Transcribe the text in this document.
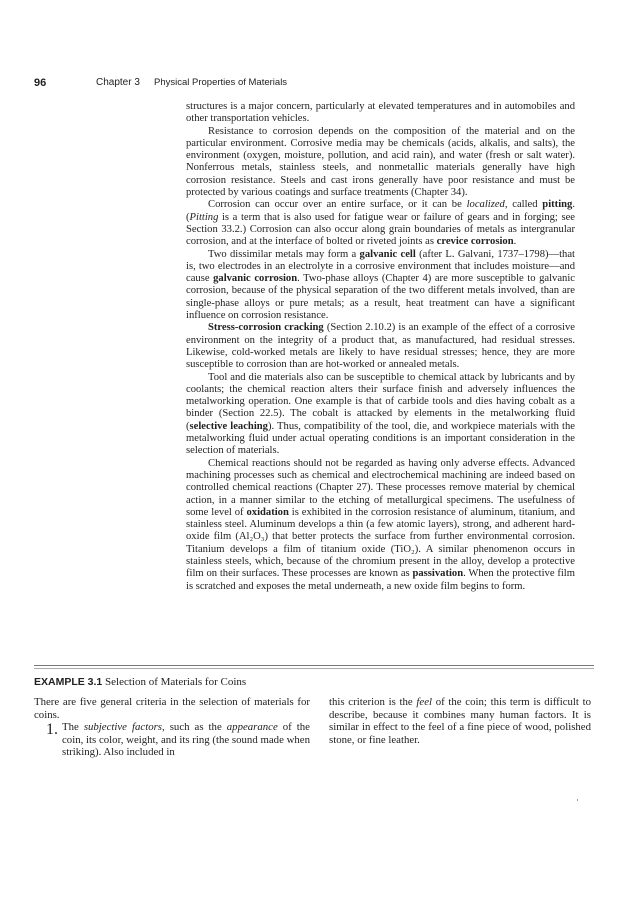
96	Chapter 3 Physical Properties of Materials

structures is a major concern, particularly at elevated temperatures and in automobiles and other transportation vehicles.

Resistance to corrosion depends on the composition of the material and on the particular environment. Corrosive media may be chemicals (acids, alkalis, and salts), the environment (oxygen, moisture, pollution, and acid rain), and water (fresh or salt water). Nonferrous metals, stainless steels, and nonmetallic materials generally have high corrosion resistance. Steels and cast irons generally have poor resistance and must be protected by various coatings and surface treatments (Chapter 34).

Corrosion can occur over an entire surface, or it can be localized, called pitting. (Pitting is a term that is also used for fatigue wear or failure of gears and in forging; see Section 33.2.) Corrosion can also occur along grain boundaries of metals as intergranular corrosion, and at the interface of bolted or riveted joints as crevice corrosion.

Two dissimilar metals may form a galvanic cell (after L. Galvani, 1737–1798)—that is, two electrodes in an electrolyte in a corrosive environment that includes moisture—and cause galvanic corrosion. Two-phase alloys (Chapter 4) are more susceptible to galvanic corrosion, because of the physical separation of the two different metals involved, than are single-phase alloys or pure metals; as a result, heat treatment can have a significant influence on corrosion resistance.

Stress-corrosion cracking (Section 2.10.2) is an example of the effect of a corrosive environment on the integrity of a product that, as manufactured, had residual stresses. Likewise, cold-worked metals are likely to have residual stresses; hence, they are more susceptible to corrosion than are hot-worked or annealed metals.

Tool and die materials also can be susceptible to chemical attack by lubricants and by coolants; the chemical reaction alters their surface finish and adversely influences the metalworking operation. One example is that of carbide tools and dies having cobalt as a binder (Section 22.5). The cobalt is attacked by elements in the metalworking fluid (selective leaching). Thus, compatibility of the tool, die, and workpiece materials with the metalworking fluid under actual operating conditions is an important consideration in the selection of materials.

Chemical reactions should not be regarded as having only adverse effects. Advanced machining processes such as chemical and electrochemical machining are indeed based on controlled chemical reactions (Chapter 27). These processes remove material by chemical action, in a manner similar to the etching of metallurgical specimens. The usefulness of some level of oxidation is exhibited in the corrosion resistance of aluminum, titanium, and stainless steel. Aluminum develops a thin (a few atomic layers), strong, and adherent hard-oxide film (Al₂O₃) that better protects the surface from further environmental corrosion. Titanium develops a film of titanium oxide (TiO₂). A similar phenomenon occurs in stainless steels, which, because of the chromium present in the alloy, develop a protective film on their surfaces. These processes are known as passivation. When the protective film is scratched and exposes the metal underneath, a new oxide film begins to form.

EXAMPLE 3.1 Selection of Materials for Coins

There are five general criteria in the selection of materials for coins.

1. The subjective factors, such as the appearance of the coin, its color, weight, and its ring (the sound made when striking). Also included in

this criterion is the feel of the coin; this term is difficult to describe, because it combines many human factors. It is similar in effect to the feel of a fine piece of wood, polished stone, or fine leather.
